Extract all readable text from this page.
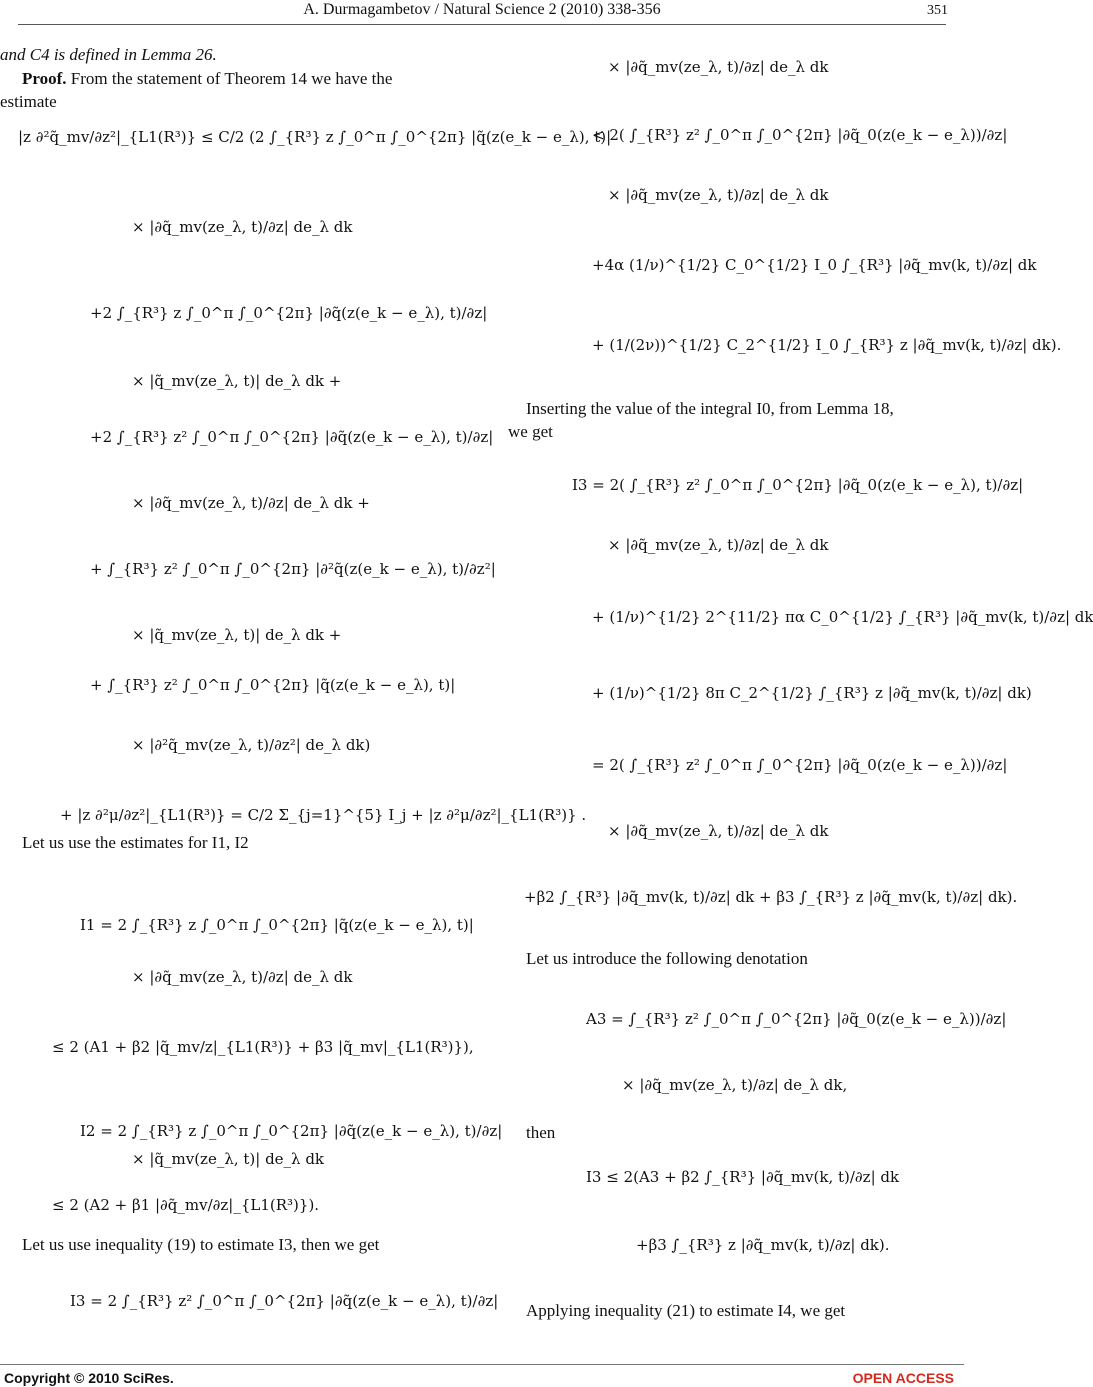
A. Durmagambetov / Natural Science 2 (2010) 338-356	351
and C4 is defined in Lemma 26.
Proof. From the statement of Theorem 14 we have the
estimate
|z ∂²q̃_mv/∂z²|_{L1(R³)} ≤ C/2 (2 ∫_{R³} z ∫_0^π ∫_0^{2π} |q̃(z(e_k − e_λ), t)|
× |∂q̃_mv(ze_λ, t)/∂z| de_λ dk
+2 ∫_{R³} z ∫_0^π ∫_0^{2π} |∂q̃(z(e_k − e_λ), t)/∂z|
× |q̃_mv(ze_λ, t)| de_λ dk +
+2 ∫_{R³} z² ∫_0^π ∫_0^{2π} |∂q̃(z(e_k − e_λ), t)/∂z|
× |∂q̃_mv(ze_λ, t)/∂z| de_λ dk +
+ ∫_{R³} z² ∫_0^π ∫_0^{2π} |∂²q̃(z(e_k − e_λ), t)/∂z²|
× |q̃_mv(ze_λ, t)| de_λ dk +
+ ∫_{R³} z² ∫_0^π ∫_0^{2π} |q̃(z(e_k − e_λ), t)|
× |∂²q̃_mv(ze_λ, t)/∂z²| de_λ dk)
+ |z ∂²μ/∂z²|_{L1(R³)} = C/2 Σ_{j=1}^{5} I_j + |z ∂²μ/∂z²|_{L1(R³)} .
Let us use the estimates for I1, I2
I1 = 2 ∫_{R³} z ∫_0^π ∫_0^{2π} |q̃(z(e_k − e_λ), t)|
× |∂q̃_mv(ze_λ, t)/∂z| de_λ dk
≤ 2 (A1 + β2 |q̃_mv/z|_{L1(R³)} + β3 |q̃_mv|_{L1(R³)}),
I2 = 2 ∫_{R³} z ∫_0^π ∫_0^{2π} |∂q̃(z(e_k − e_λ), t)/∂z|
× |q̃_mv(ze_λ, t)| de_λ dk
≤ 2 (A2 + β1 |∂q̃_mv/∂z|_{L1(R³)}).
Let us use inequality (19) to estimate I3, then we get
I3 = 2 ∫_{R³} z² ∫_0^π ∫_0^{2π} |∂q̃(z(e_k − e_λ), t)/∂z|
× |∂q̃_mv(ze_λ, t)/∂z| de_λ dk
< 2( ∫_{R³} z² ∫_0^π ∫_0^{2π} |∂q̃_0(z(e_k − e_λ))/∂z|
× |∂q̃_mv(ze_λ, t)/∂z| de_λ dk
+4α (1/ν)^{1/2} C_0^{1/2} I_0 ∫_{R³} |∂q̃_mv(k, t)/∂z| dk
+ (1/(2ν))^{1/2} C_2^{1/2} I_0 ∫_{R³} z |∂q̃_mv(k, t)/∂z| dk).
Inserting the value of the integral I0, from Lemma 18,
we get
I3 = 2( ∫_{R³} z² ∫_0^π ∫_0^{2π} |∂q̃_0(z(e_k − e_λ), t)/∂z|
× |∂q̃_mv(ze_λ, t)/∂z| de_λ dk
+ (1/ν)^{1/2} 2^{11/2} πα C_0^{1/2} ∫_{R³} |∂q̃_mv(k, t)/∂z| dk
+ (1/ν)^{1/2} 8π C_2^{1/2} ∫_{R³} z |∂q̃_mv(k, t)/∂z| dk)
= 2( ∫_{R³} z² ∫_0^π ∫_0^{2π} |∂q̃_0(z(e_k − e_λ))/∂z|
× |∂q̃_mv(ze_λ, t)/∂z| de_λ dk
+β2 ∫_{R³} |∂q̃_mv(k, t)/∂z| dk + β3 ∫_{R³} z |∂q̃_mv(k, t)/∂z| dk).
Let us introduce the following denotation
A3 = ∫_{R³} z² ∫_0^π ∫_0^{2π} |∂q̃_0(z(e_k − e_λ))/∂z|
× |∂q̃_mv(ze_λ, t)/∂z| de_λ dk,
then
I3 ≤ 2(A3 + β2 ∫_{R³} |∂q̃_mv(k, t)/∂z| dk
+β3 ∫_{R³} z |∂q̃_mv(k, t)/∂z| dk).
Applying inequality (21) to estimate I4, we get
Copyright © 2010 SciRes.	OPEN ACCESS
